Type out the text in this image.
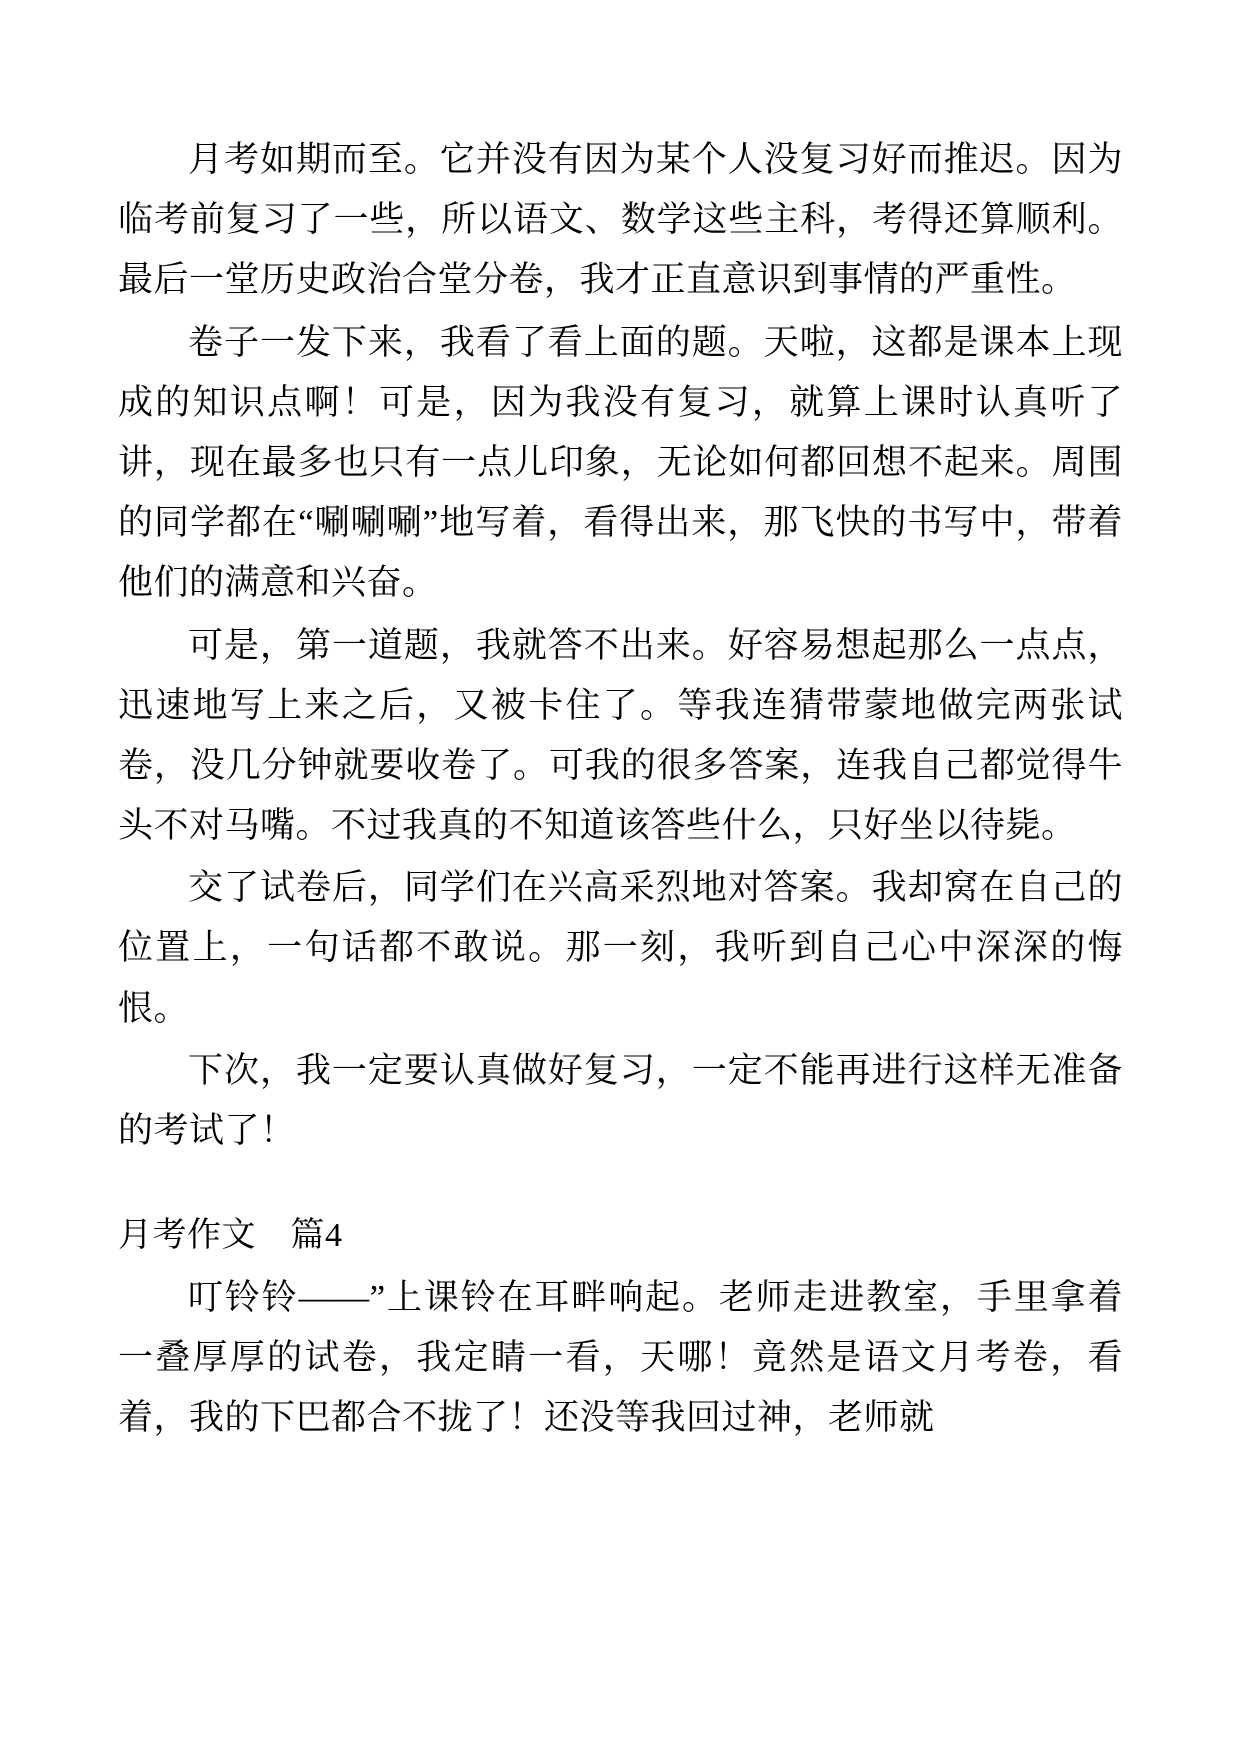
月考如期而至。它并没有因为某个人没复习好而推迟。因为临考前复习了一些，所以语文、数学这些主科，考得还算顺利。最后一堂历史政治合堂分卷，我才正直意识到事情的严重性。

卷子一发下来，我看了看上面的题。天啦，这都是课本上现成的知识点啊！可是，因为我没有复习，就算上课时认真听了讲，现在最多也只有一点儿印象，无论如何都回想不起来。周围的同学都在“唰唰唰”地写着，看得出来，那飞快的书写中，带着他们的满意和兴奋。

可是，第一道题，我就答不出来。好容易想起那么一点点，迅速地写上来之后，又被卡住了。等我连猜带蒙地做完两张试卷，没几分钟就要收卷了。可我的很多答案，连我自己都觉得牛头不对马嘴。不过我真的不知道该答些什么，只好坐以待毙。

交了试卷后，同学们在兴高采烈地对答案。我却窝在自己的位置上，一句话都不敢说。那一刻，我听到自己心中深深的悔恨。

下次，我一定要认真做好复习，一定不能再进行这样无准备的考试了！

月考作文　篇4

叮铃铃——”上课铃在耳畔响起。老师走进教室，手里拿着一叠厚厚的试卷，我定睛一看，天哪！竟然是语文月考卷，看着，我的下巴都合不拢了！还没等我回过神，老师就
